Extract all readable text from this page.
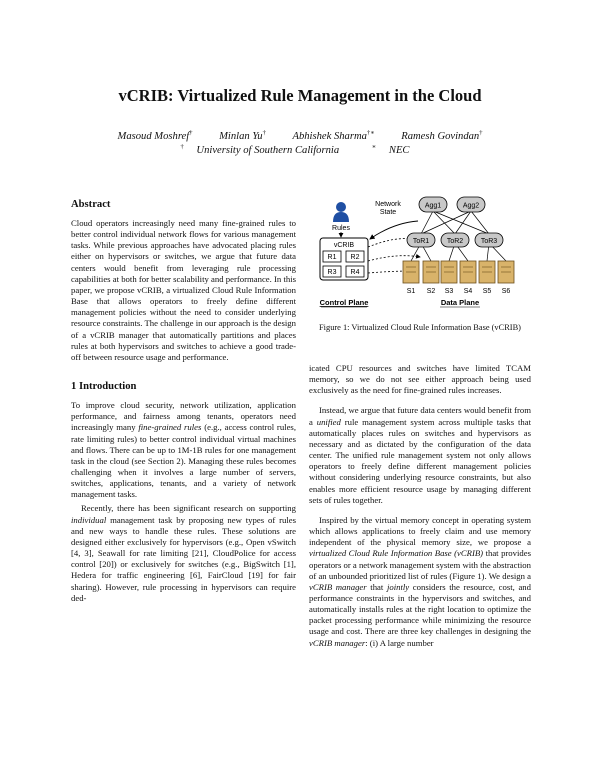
vCRIB: Virtualized Rule Management in the Cloud
Masoud Moshref†	Minlan Yu†	Abhishek Sharma†∗	Ramesh Govindan†
† University of Southern California	∗ NEC
Abstract

Cloud operators increasingly need many fine-grained rules to better control individual network flows for various management tasks. While previous approaches have advocated placing rules either on hypervisors or switches, we argue that future data centers would benefit from leveraging rule processing capabilities at both for better scalability and performance. In this paper, we propose vCRIB, a virtualized Cloud Rule Information Base that allows operators to freely define different management policies without the need to consider underlying resource constraints. The challenge in our approach is the design of a vCRIB manager that automatically partitions and places rules at both hypervisors and switches to achieve a good trade-off between resource usage and performance.

1 Introduction

To improve cloud security, network utilization, application performance, and fairness among tenants, operators need increasingly many fine-grained rules (e.g., access control rules, rate limiting rules) to better control individual virtual machines and flows. There can be up to 1M-1B rules for one management task in the cloud (see Section 2). Managing these rules becomes challenging when it involves a large number of servers, switches, applications, tenants, and a variety of network management tasks.

Recently, there has been significant research on supporting individual management task by proposing new types of rules and new ways to handle these rules. These solutions are designed either exclusively for hypervisors (e.g., Open vSwitch [4, 3], Seawall for rate limiting [21], CloudPolice for access control [20]) or exclusively for switches (e.g., BigSwitch [1], Hedera for traffic engineering [6], FairCloud [19] for fair sharing). However, rule processing in hypervisors can require ded-

Rules
vCRIB
R1 R2
R3 R4
Network State
Agg1	Agg2
ToR1	ToR2	ToR3
S1 S2 S3 S4 S5 S6
Control Plane	Data Plane
Figure 1: Virtualized Cloud Rule Information Base (vCRIB)

icated CPU resources and switches have limited TCAM memory, so we do not see either approach being used exclusively as the need for fine-grained rules increases.

Instead, we argue that future data centers would benefit from a unified rule management system across multiple tasks that automatically places rules on switches and hypervisors as necessary and as dictated by the configuration of the data center. The unified rule management system not only allows operators to freely define different management policies without considering underlying resource constraints, but also enables more efficient resource usage by managing different sets of rules together.

Inspired by the virtual memory concept in operating system which allows applications to freely claim and use memory independent of the physical memory size, we propose a virtualized Cloud Rule Information Base (vCRIB) that provides operators or a network management system with the abstraction of an unbounded prioritized list of rules (Figure 1). We design a vCRIB manager that jointly considers the resource, cost, and performance constraints in the hypervisors and switches, and automatically installs rules at the right location to optimize the packet processing performance while minimizing the resource usage and cost. There are three key challenges in designing the vCRIB manager: (i) A large number
